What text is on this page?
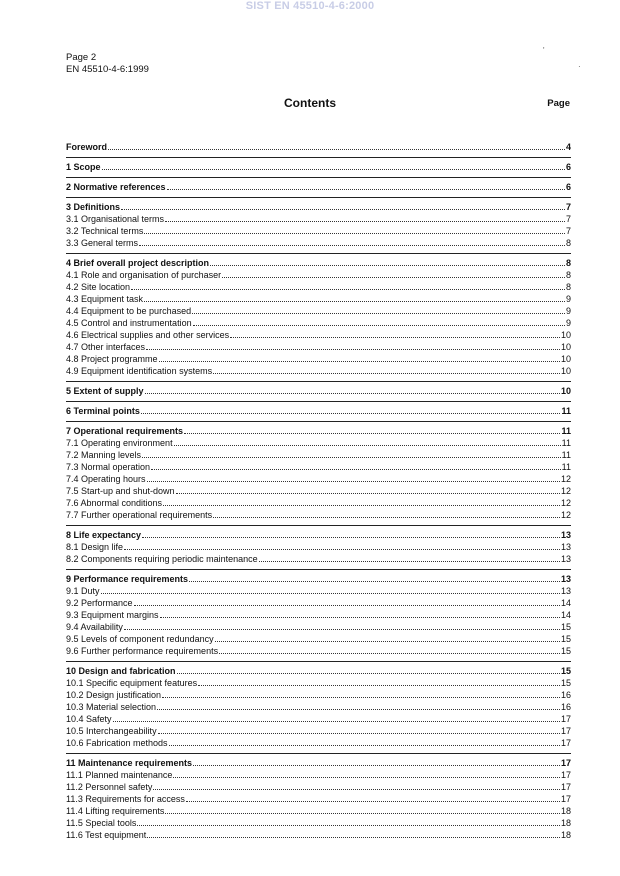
SIST EN 45510-4-6:2000
Page 2
EN 45510-4-6:1999
Contents	Page
Foreword	4
1 Scope	6
2 Normative references	6
3 Definitions	7
3.1 Organisational terms	7
3.2 Technical terms	7
3.3 General terms	8
4 Brief overall project description	8
4.1 Role and organisation of purchaser	8
4.2 Site location	8
4.3 Equipment task	9
4.4 Equipment to be purchased	9
4.5 Control and instrumentation	9
4.6 Electrical supplies and other services	10
4.7 Other interfaces	10
4.8 Project programme	10
4.9 Equipment identification systems	10
5 Extent of supply	10
6 Terminal points	11
7 Operational requirements	11
7.1 Operating environment	11
7.2 Manning levels	11
7.3 Normal operation	11
7.4 Operating hours	12
7.5 Start-up and shut-down	12
7.6 Abnormal conditions	12
7.7 Further operational requirements	12
8 Life expectancy	13
8.1 Design life	13
8.2 Components requiring periodic maintenance	13
9 Performance requirements	13
9.1 Duty	13
9.2 Performance	14
9.3 Equipment margins	14
9.4 Availability	15
9.5 Levels of component redundancy	15
9.6 Further performance requirements	15
10 Design and fabrication	15
10.1 Specific equipment features	15
10.2 Design justification	16
10.3 Material selection	16
10.4 Safety	17
10.5 Interchangeability	17
10.6 Fabrication methods	17
11 Maintenance requirements	17
11.1 Planned maintenance	17
11.2 Personnel safety	17
11.3 Requirements for access	17
11.4 Lifting requirements	18
11.5 Special tools	18
11.6 Test equipment	18
'
·
